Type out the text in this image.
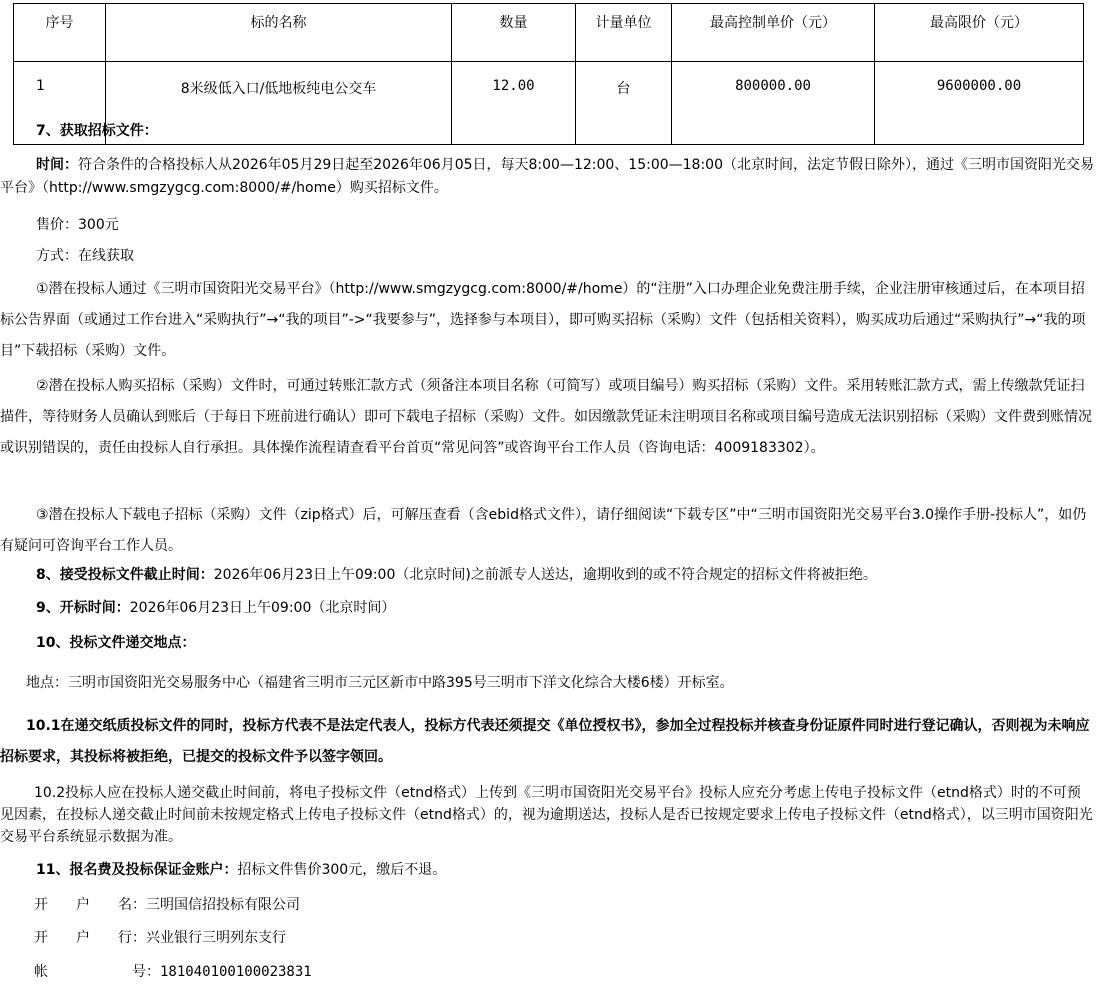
序号	标的名称	数量	计量单位	最高控制单价（元）	最高限价（元）
1	8米级低入口/低地板纯电公交车	12.00	台	800000.00	9600000.00
7、获取招标文件：
时间：符合条件的合格投标人从2026年05月29日起至2026年06月05日，每天8:00—12:00、15:00—18:00（北京时间，法定节假日除外），通过《三明市国资阳光交易平台》（http://www.smgzygcg.com:8000/#/home）购买招标文件。
售价：300元
方式：在线获取
①潜在投标人通过《三明市国资阳光交易平台》（http://www.smgzygcg.com:8000/#/home）的“注册”入口办理企业免费注册手续，企业注册审核通过后，在本项目招标公告界面（或通过工作台进入“采购执行”→“我的项目”->“我要参与”，选择参与本项目），即可购买招标（采购）文件（包括相关资料），购买成功后通过“采购执行”→“我的项目”下载招标（采购）文件。
②潜在投标人购买招标（采购）文件时，可通过转账汇款方式（须备注本项目名称（可简写）或项目编号）购买招标（采购）文件。采用转账汇款方式，需上传缴款凭证扫描件，等待财务人员确认到账后（于每日下班前进行确认）即可下载电子招标（采购）文件。如因缴款凭证未注明项目名称或项目编号造成无法识别招标（采购）文件费到账情况或识别错误的，责任由投标人自行承担。具体操作流程请查看平台首页“常见问答”或咨询平台工作人员（咨询电话：4009183302）。
③潜在投标人下载电子招标（采购）文件（zip格式）后，可解压查看（含ebid格式文件），请仔细阅读“下载专区”中“三明市国资阳光交易平台3.0操作手册-投标人”，如仍有疑问可咨询平台工作人员。
8、接受投标文件截止时间：2026年06月23日上午09:00（北京时间)之前派专人送达，逾期收到的或不符合规定的招标文件将被拒绝。
9、开标时间：2026年06月23日上午09:00（北京时间）
10、投标文件递交地点：
地点：三明市国资阳光交易服务中心（福建省三明市三元区新市中路395号三明市下洋文化综合大楼6楼）开标室。
10.1在递交纸质投标文件的同时，投标方代表不是法定代表人，投标方代表还须提交《单位授权书》，参加全过程投标并核查身份证原件同时进行登记确认，否则视为未响应招标要求，其投标将被拒绝，已提交的投标文件予以签字领回。
10.2投标人应在投标人递交截止时间前，将电子投标文件（etnd格式）上传到《三明市国资阳光交易平台》投标人应充分考虑上传电子投标文件（etnd格式）时的不可预见因素，在投标人递交截止时间前未按规定格式上传电子投标文件（etnd格式）的，视为逾期送达，投标人是否已按规定要求上传电子投标文件（etnd格式），以三明市国资阳光交易平台系统显示数据为准。
11、报名费及投标保证金账户：招标文件售价300元，缴后不退。
开　　户　　名：三明国信招投标有限公司
开　　户　　行：兴业银行三明列东支行
帐　　　　　　号：181040100100023831
